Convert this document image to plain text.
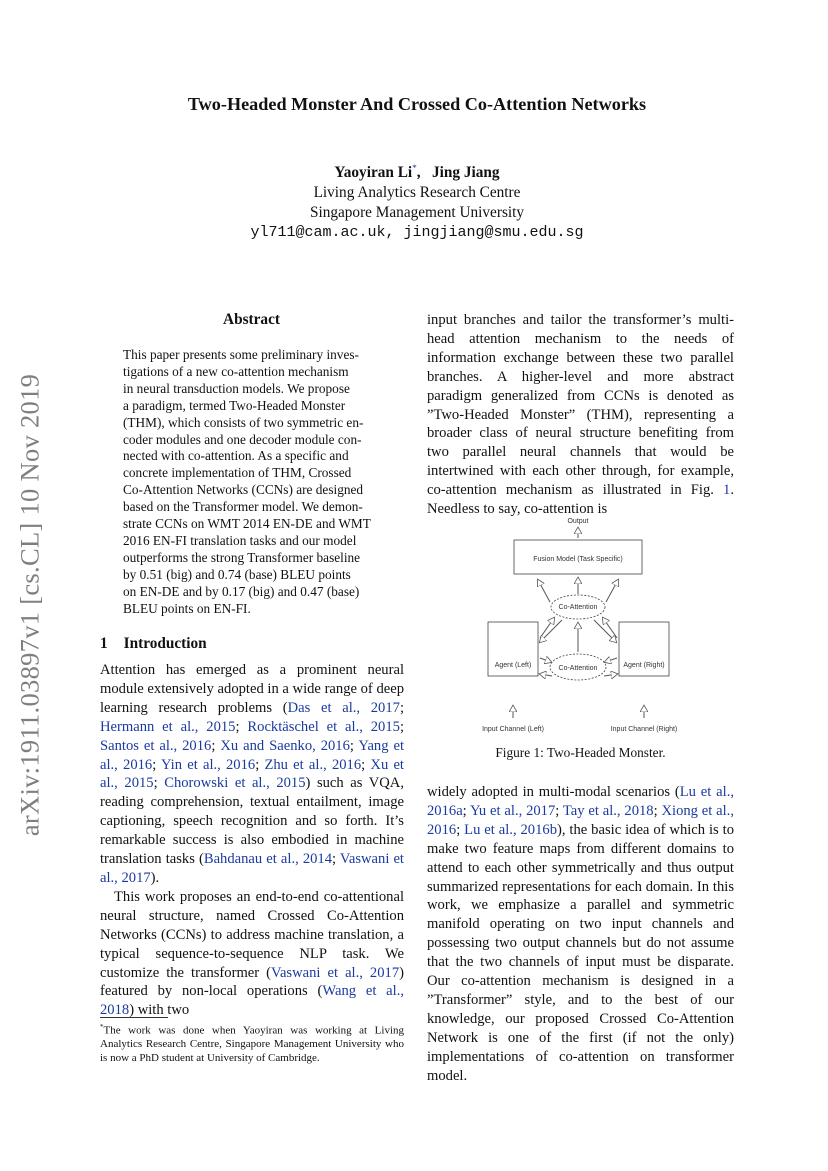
arXiv:1911.03897v1 [cs.CL] 10 Nov 2019
Two-Headed Monster And Crossed Co-Attention Networks
Yaoyiran Li*,   Jing Jiang
Living Analytics Research Centre
Singapore Management University
yl711@cam.ac.uk, jingjiang@smu.edu.sg
Abstract
This paper presents some preliminary inves-
tigations of a new co-attention mechanism
in neural transduction models. We propose
a paradigm, termed Two-Headed Monster
(THM), which consists of two symmetric en-
coder modules and one decoder module con-
nected with co-attention. As a specific and
concrete implementation of THM, Crossed
Co-Attention Networks (CCNs) are designed
based on the Transformer model. We demon-
strate CCNs on WMT 2014 EN-DE and WMT
2016 EN-FI translation tasks and our model
outperforms the strong Transformer baseline
by 0.51 (big) and 0.74 (base) BLEU points
on EN-DE and by 0.17 (big) and 0.47 (base)
BLEU points on EN-FI.
1 Introduction

Attention has emerged as a prominent neural module extensively adopted in a wide range of deep learning research problems (Das et al., 2017; Hermann et al., 2015; Rocktäschel et al., 2015; Santos et al., 2016; Xu and Saenko, 2016; Yang et al., 2016; Yin et al., 2016; Zhu et al., 2016; Xu et al., 2015; Chorowski et al., 2015) such as VQA, reading comprehension, textual entailment, image captioning, speech recognition and so forth. It’s remarkable success is also embodied in machine translation tasks (Bahdanau et al., 2014; Vaswani et al., 2017).

This work proposes an end-to-end co-attentional neural structure, named Crossed Co-Attention Networks (CCNs) to address machine translation, a typical sequence-to-sequence NLP task. We customize the transformer (Vaswani et al., 2017) featured by non-local operations (Wang et al., 2018) with two

*The work was done when Yaoyiran was working at Living Analytics Research Centre, Singapore Management University who is now a PhD student at University of Cambridge.

input branches and tailor the transformer’s multi-head attention mechanism to the needs of information exchange between these two parallel branches. A higher-level and more abstract paradigm generalized from CCNs is denoted as ”Two-Headed Monster” (THM), representing a broader class of neural structure benefiting from two parallel neural channels that would be intertwined with each other through, for example, co-attention mechanism as illustrated in Fig. 1. Needless to say, co-attention is

Output
Fusion Model (Task Specific)
Co-Attention
Co-Attention
Agent (Left)	Agent (Right)
Input Channel (Left)	Input Channel (Right)
Figure 1: Two-Headed Monster.

widely adopted in multi-modal scenarios (Lu et al., 2016a; Yu et al., 2017; Tay et al., 2018; Xiong et al., 2016; Lu et al., 2016b), the basic idea of which is to make two feature maps from different domains to attend to each other symmetrically and thus output summarized representations for each domain. In this work, we emphasize a parallel and symmetric manifold operating on two input channels and possessing two output channels but do not assume that the two channels of input must be disparate. Our co-attention mechanism is designed in a ”Transformer” style, and to the best of our knowledge, our proposed Crossed Co-Attention Network is one of the first (if not the only) implementations of co-attention on transformer model.
